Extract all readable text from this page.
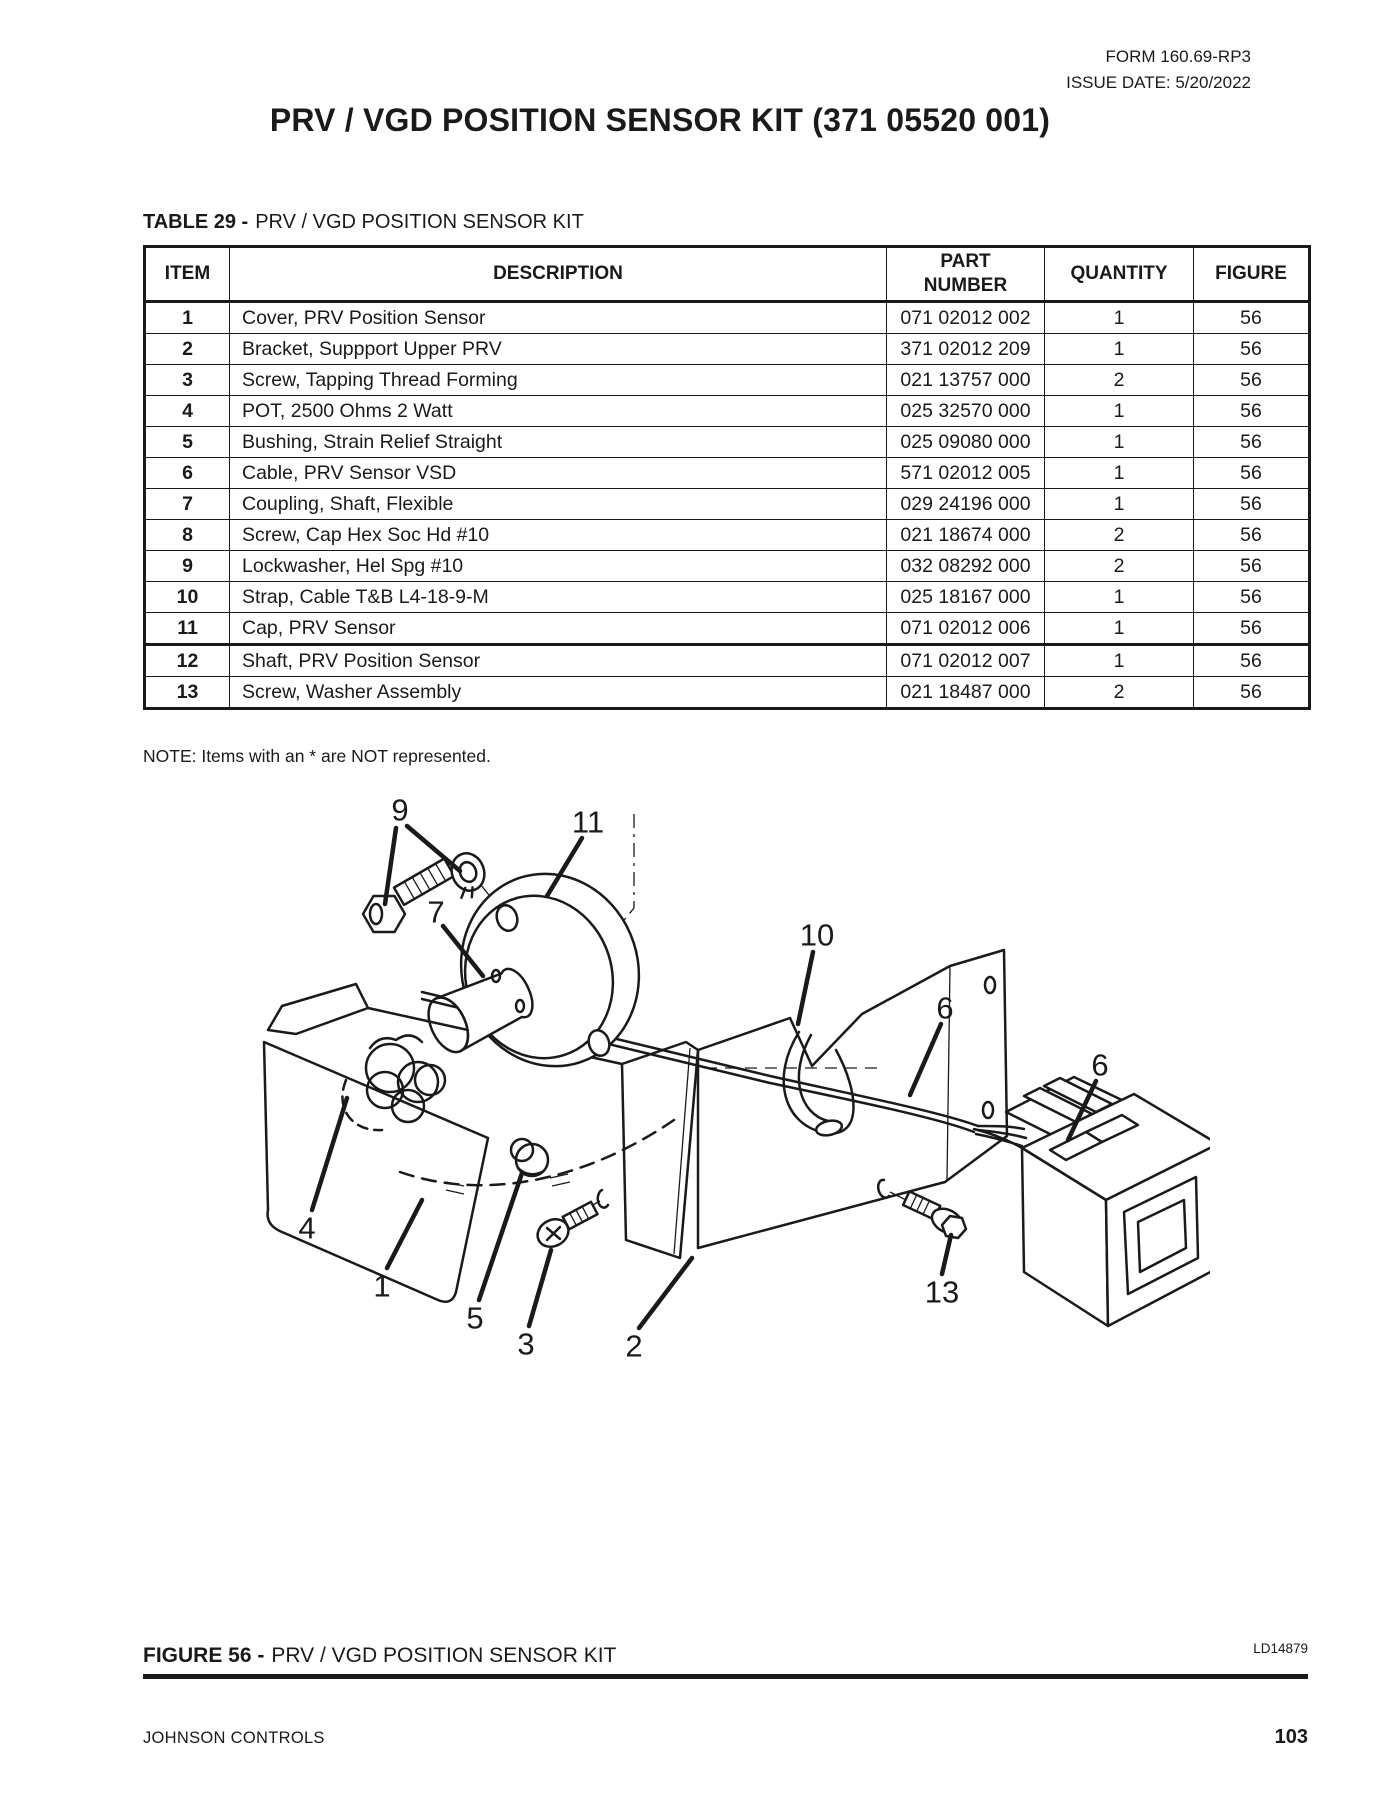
FORM 160.69-RP3
ISSUE DATE: 5/20/2022
PRV / VGD POSITION SENSOR KIT (371 05520 001)
TABLE 29 - PRV / VGD POSITION SENSOR KIT
ITEM	DESCRIPTION	PART NUMBER	QUANTITY	FIGURE
1	Cover, PRV Position Sensor	071 02012 002	1	56
2	Bracket, Suppport Upper PRV	371 02012 209	1	56
3	Screw, Tapping Thread Forming	021 13757 000	2	56
4	POT, 2500 Ohms 2 Watt	025 32570 000	1	56
5	Bushing, Strain Relief Straight	025 09080 000	1	56
6	Cable, PRV Sensor VSD	571 02012 005	1	56
7	Coupling, Shaft, Flexible	029 24196 000	1	56
8	Screw, Cap Hex Soc Hd #10	021 18674 000	2	56
9	Lockwasher, Hel Spg #10	032 08292 000	2	56
10	Strap, Cable T&B L4-18-9-M	025 18167 000	1	56
11	Cap, PRV Sensor	071 02012 006	1	56
12	Shaft, PRV Position Sensor	071 02012 007	1	56
13	Screw, Washer Assembly	021 18487 000	2	56
NOTE: Items with an * are NOT represented.
9	11
7
10
6
6
4
1
5
3	2
13
FIGURE 56 - PRV / VGD POSITION SENSOR KIT	LD14879
JOHNSON CONTROLS	103
